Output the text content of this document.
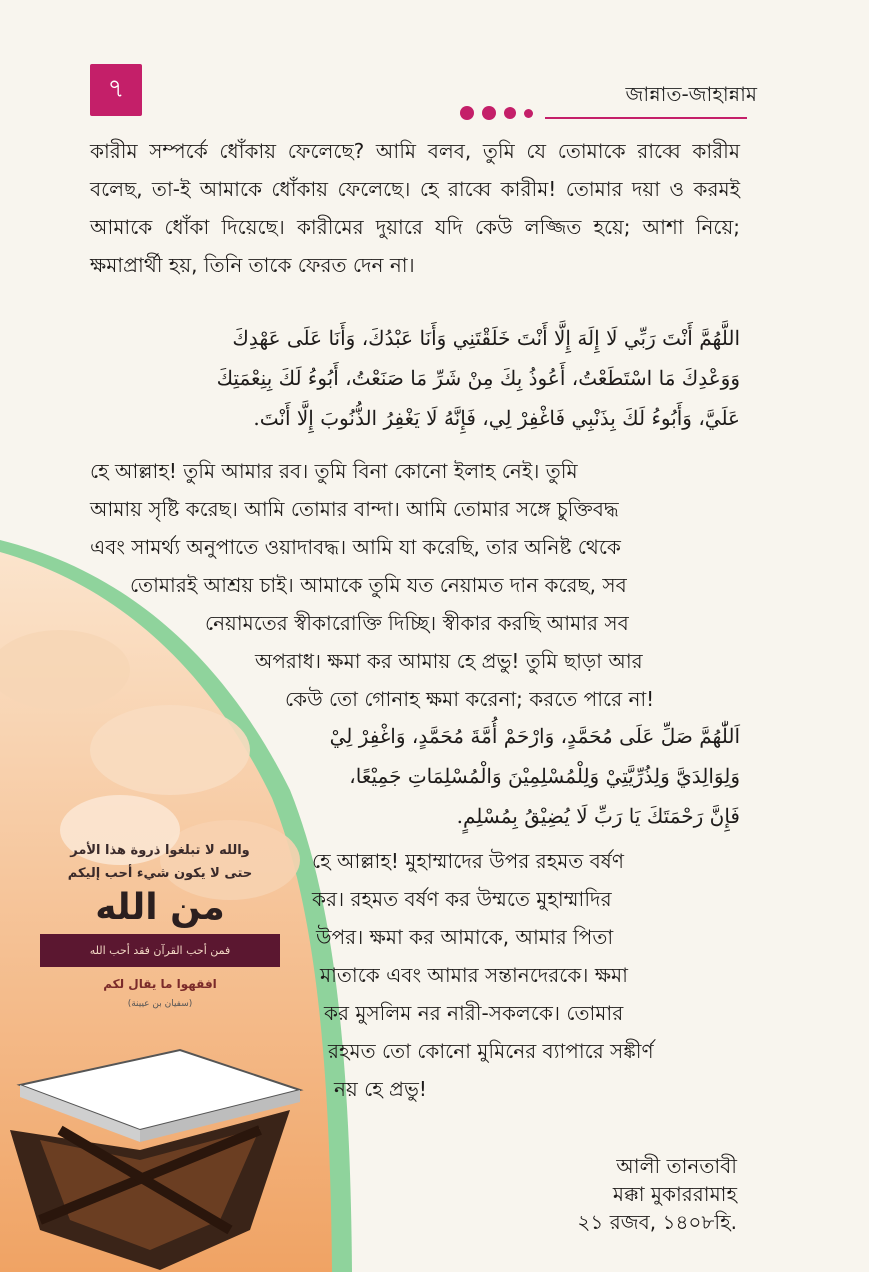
৭	জান্নাত-জাহান্নাম
والله لا تبلغوا ذروة هذا الأمر
حتى لا يكون شيء أحب إليكم
من الله
فمن أحب القرآن فقد أحب الله
افقهوا ما يقال لكم
(سفيان بن عيينة)
কারীম সম্পর্কে ধোঁকায় ফেলেছে? আমি বলব, তুমি যে তোমাকে রাব্বে কারীম বলেছ, তা-ই আমাকে ধোঁকায় ফেলেছে। হে রাব্বে কারীম! তোমার দয়া ও করমই আমাকে ধোঁকা দিয়েছে। কারীমের দুয়ারে যদি কেউ লজ্জিত হয়ে; আশা নিয়ে; ক্ষমাপ্রার্থী হয়, তিনি তাকে ফেরত দেন না।
اللَّهُمَّ أَنْتَ رَبِّي لَا إِلَهَ إِلَّا أَنْتَ خَلَقْتَنِي وَأَنَا عَبْدُكَ، وَأَنَا عَلَى عَهْدِكَ
وَوَعْدِكَ مَا اسْتَطَعْتُ، أَعُوذُ بِكَ مِنْ شَرِّ مَا صَنَعْتُ، أَبُوءُ لَكَ بِنِعْمَتِكَ
عَلَيَّ، وَأَبُوءُ لَكَ بِذَنْبِي فَاغْفِرْ لِي، فَإِنَّهُ لَا يَغْفِرُ الذُّنُوبَ إِلَّا أَنْتَ.
হে আল্লাহ! তুমি আমার রব। তুমি বিনা কোনো ইলাহ নেই। তুমি
আমায় সৃষ্টি করেছ। আমি তোমার বান্দা। আমি তোমার সঙ্গে চুক্তিবদ্ধ
এবং সামর্থ্য অনুপাতে ওয়াদাবদ্ধ। আমি যা করেছি, তার অনিষ্ট থেকে
তোমারই আশ্রয় চাই। আমাকে তুমি যত নেয়ামত দান করেছ, সব
নেয়ামতের স্বীকারোক্তি দিচ্ছি। স্বীকার করছি আমার সব
অপরাধ। ক্ষমা কর আমায় হে প্রভু! তুমি ছাড়া আর
কেউ তো গোনাহ ক্ষমা করেনা; করতে পারে না!
اَللّٰهُمَّ صَلِّ عَلَى مُحَمَّدٍ، وَارْحَمْ أُمَّةَ مُحَمَّدٍ، وَاغْفِرْ لِيْ
وَلِوَالِدَيَّ وَلِذُرِّيَّتِيْ وَلِلْمُسْلِمِيْنَ وَالْمُسْلِمَاتِ جَمِيْعًا،
فَإِنَّ رَحْمَتَكَ يَا رَبِّ لَا يُضِيْقُ بِمُسْلِمٍ.
হে আল্লাহ! মুহাম্মাদের উপর রহমত বর্ষণ
কর। রহমত বর্ষণ কর উম্মতে মুহাম্মাদির
উপর। ক্ষমা কর আমাকে, আমার পিতা
মাতাকে এবং আমার সন্তানদেরকে। ক্ষমা
কর মুসলিম নর নারী-সকলকে। তোমার
রহমত তো কোনো মুমিনের ব্যাপারে সঙ্কীর্ণ
নয় হে প্রভু!
আলী তানতাবী
মক্কা মুকাররামাহ
২১ রজব, ১৪০৮হি.
